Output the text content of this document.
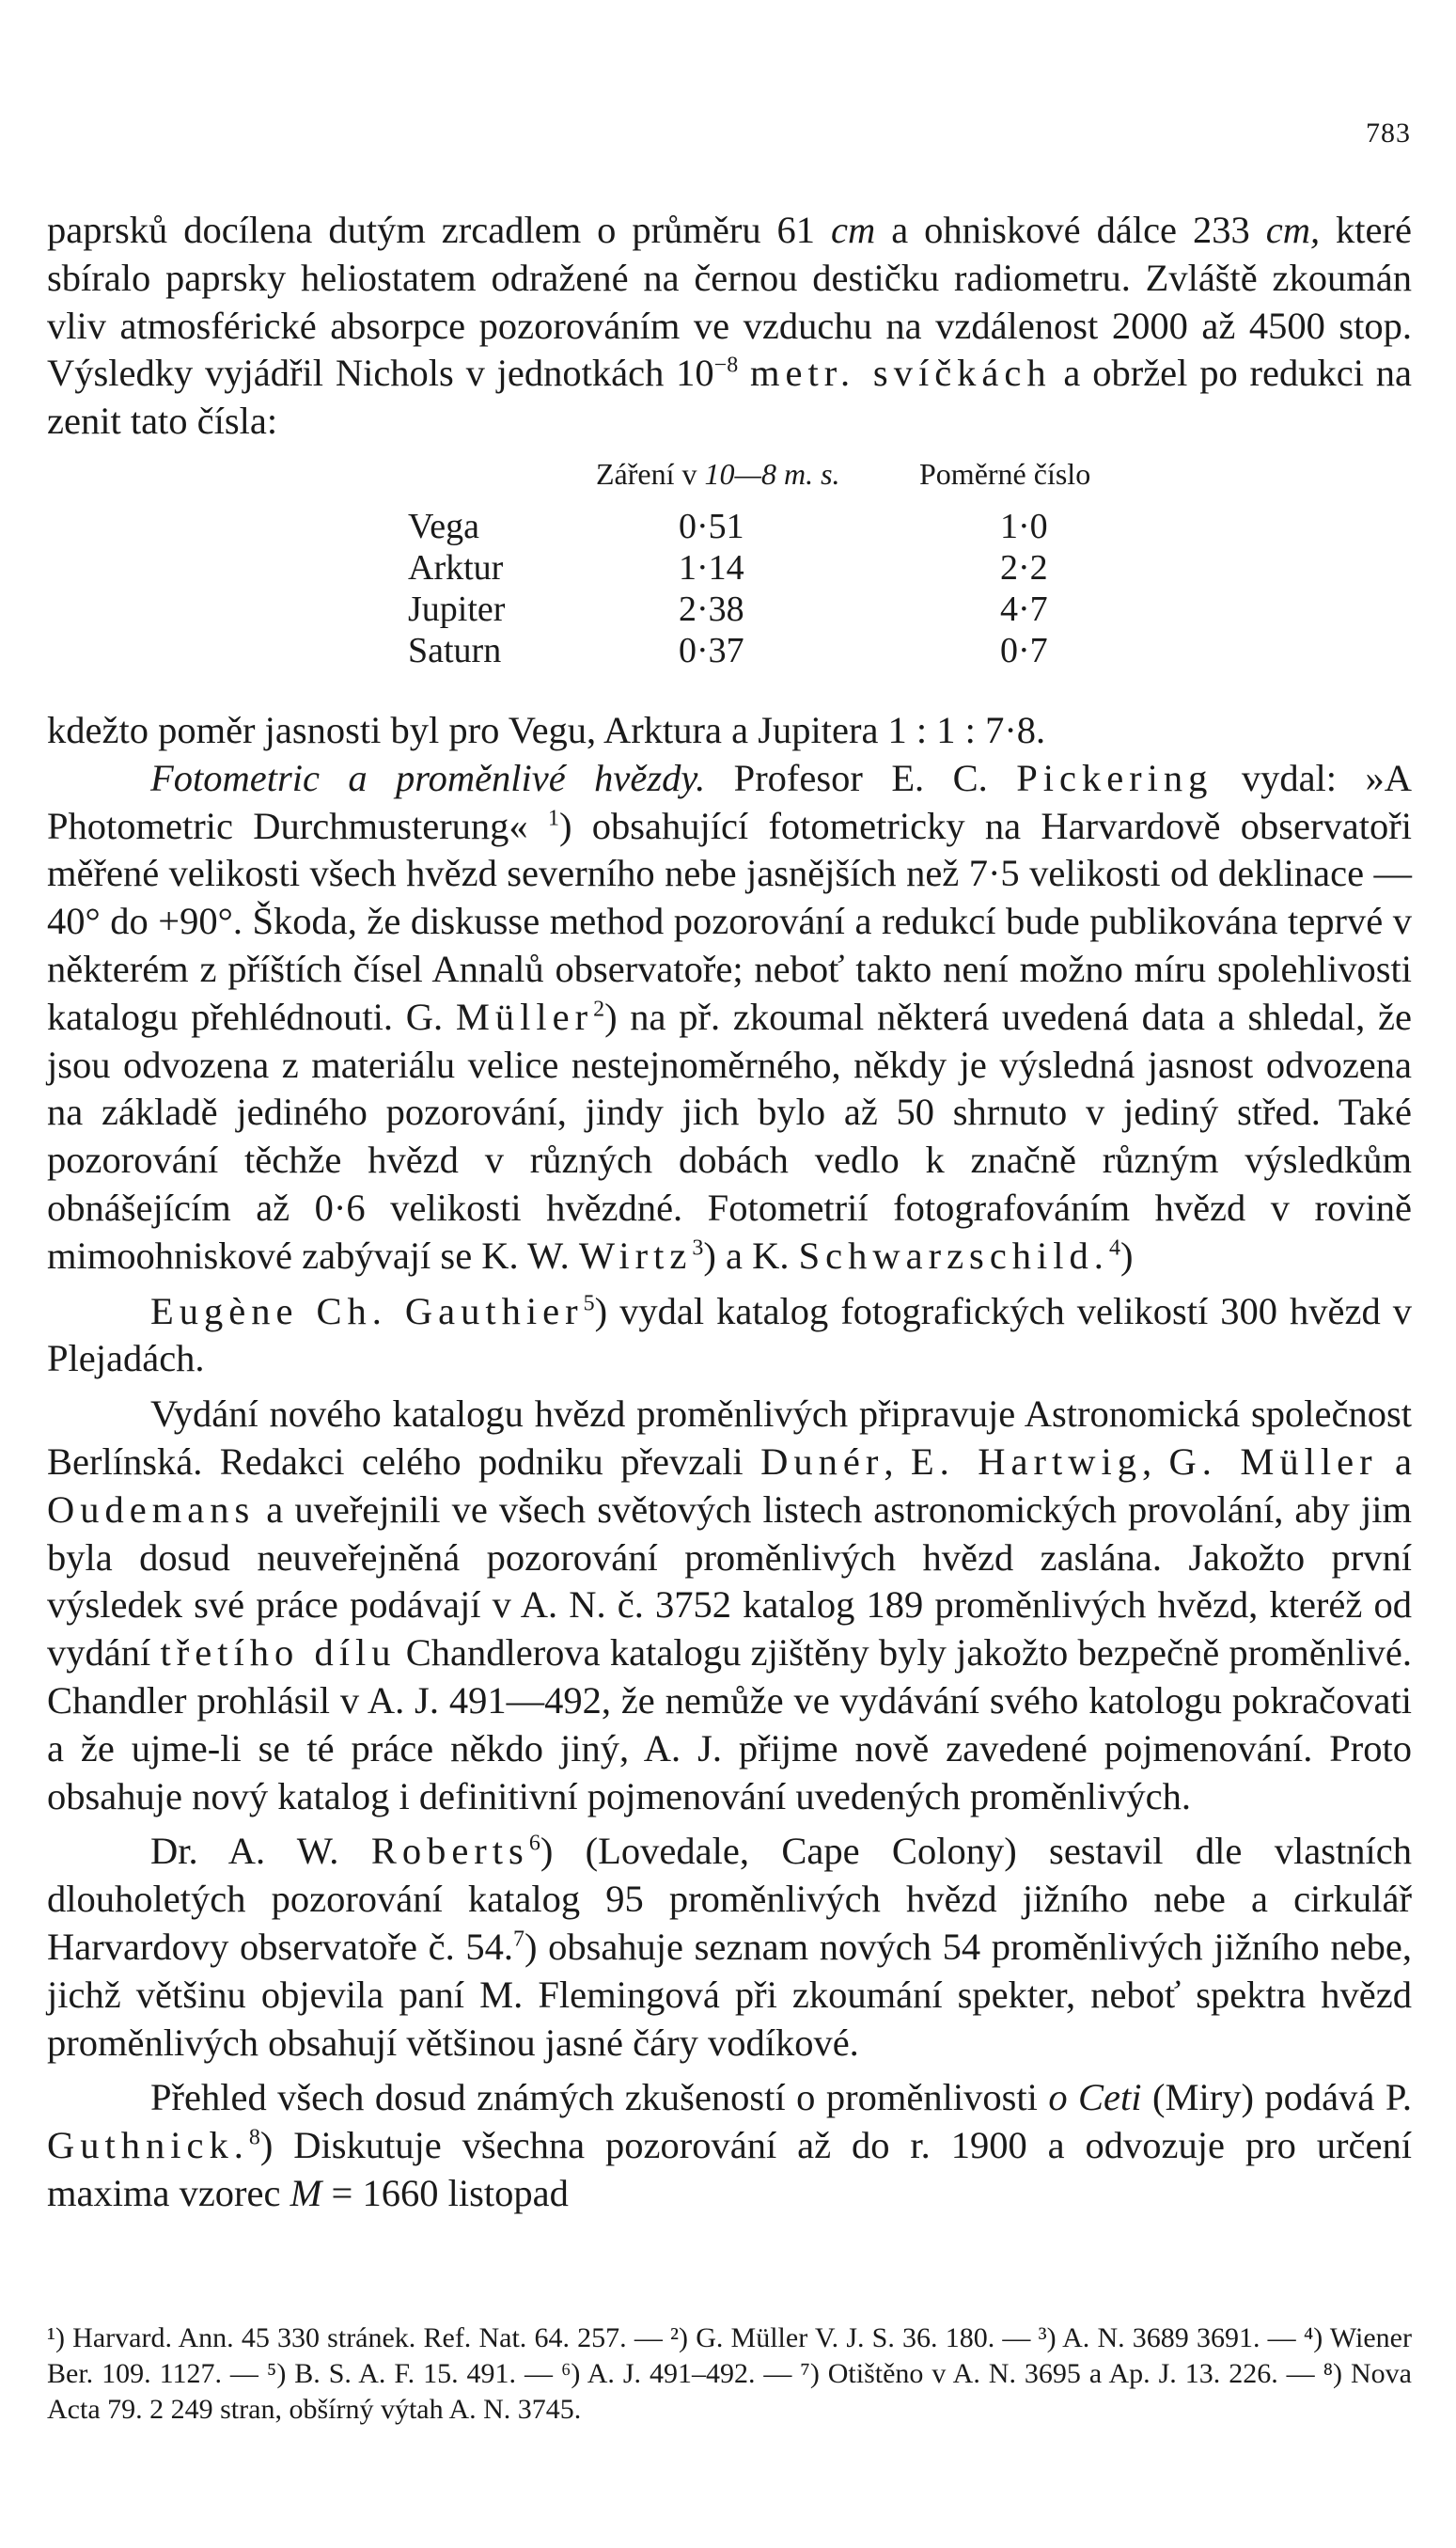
783

paprsků docílena dutým zrcadlem o průměru 61 cm a ohniskové dálce 233 cm, které sbíralo paprsky heliostatem odražené na černou destičku radiometru. Zvláště zkoumán vliv atmosférické absorpce pozorováním ve vzduchu na vzdálenost 2000 až 4500 stop. Výsledky vyjádřil Nichols v jednotkách $10^{-8}$ metr. svíčkách a obržel po redukci na zenit tato čísla:

Záření v 10—8 m. s.	Poměrné číslo
Vega	0·51	1·0
Arktur	1·14	2·2
Jupiter	2·38	4·7
Saturn	0·37	0·7

kdežto poměr jasnosti byl pro Vegu, Arktura a Jupitera 1 : 1 : 7·8.

Fotometric a proměnlivé hvězdy. Profesor E. C. Pickering vydal: »A Photometric Durchmusterung« $^1$) obsahující fotometricky na Harvardově observatoři měřené velikosti všech hvězd severního nebe jasnějších než 7·5 velikosti od deklinace —40° do +90°. Škoda, že diskusse method pozorování a redukcí bude publikována teprvé v některém z příštích čísel Annalů observatoře; neboť takto není možno míru spolehlivosti katalogu přehlédnouti. G. Müller$^2$) na př. zkoumal některá uvedená data a shledal, že jsou odvozena z materiálu velice nestejnoměrného, někdy je výsledná jasnost odvozena na základě jediného pozorování, jindy jich bylo až 50 shrnuto v jediný střed. Také pozorování těchže hvězd v různých dobách vedlo k značně různým výsledkům obnášejícím až 0·6 velikosti hvězdné. Fotometrií fotografováním hvězd v rovině mimoohniskové zabývají se K. W. Wirtz$^3$) a K. Schwarzschild.$^4$)

Eugène Ch. Gauthier$^5$) vydal katalog fotografických velikostí 300 hvězd v Plejadách.

Vydání nového katalogu hvězd proměnlivých připravuje Astronomická společnost Berlínská. Redakci celého podniku převzali Dunér, E. Hartwig, G. Müller a Oudemans a uveřejnili ve všech světových listech astronomických provolání, aby jim byla dosud neuveřejněná pozorování proměnlivých hvězd zaslána. Jakožto první výsledek své práce podávají v A. N. č. 3752 katalog 189 proměnlivých hvězd, kteréž od vydání třetího dílu Chandlerova katalogu zjištěny byly jakožto bezpečně proměnlivé. Chandler prohlásil v A. J. 491—492, že nemůže ve vydávání svého katologu pokračovati a že ujme-li se té práce někdo jiný, A. J. přijme nově zavedené pojmenování. Proto obsahuje nový katalog i definitivní pojmenování uvedených proměnlivých.

Dr. A. W. Roberts$^6$) (Lovedale, Cape Colony) sestavil dle vlastních dlouholetých pozorování katalog 95 proměnlivých hvězd jižního nebe a cirkulář Harvardovy observatoře č. 54.$^7$) obsahuje seznam nových 54 proměnlivých jižního nebe, jichž většinu objevila paní M. Flemingová při zkoumání spekter, neboť spektra hvězd proměnlivých obsahují většinou jasné čáry vodíkové.

Přehled všech dosud známých zkušeností o proměnlivosti o Ceti (Miry) podává P. Guthnick.$^8$) Diskutuje všechna pozorování až do r. 1900 a odvozuje pro určení maxima vzorec M = 1660 listopad

¹) Harvard. Ann. 45 330 stránek. Ref. Nat. 64. 257. — ²) G. Müller V. J. S. 36. 180. — ³) A. N. 3689 3691. — ⁴) Wiener Ber. 109. 1127. — ⁵) B. S. A. F. 15. 491. — ⁶) A. J. 491–492. — ⁷) Otištěno v A. N. 3695 a Ap. J. 13. 226. — ⁸) Nova Acta 79. 2 249 stran, obšírný výtah A. N. 3745.
